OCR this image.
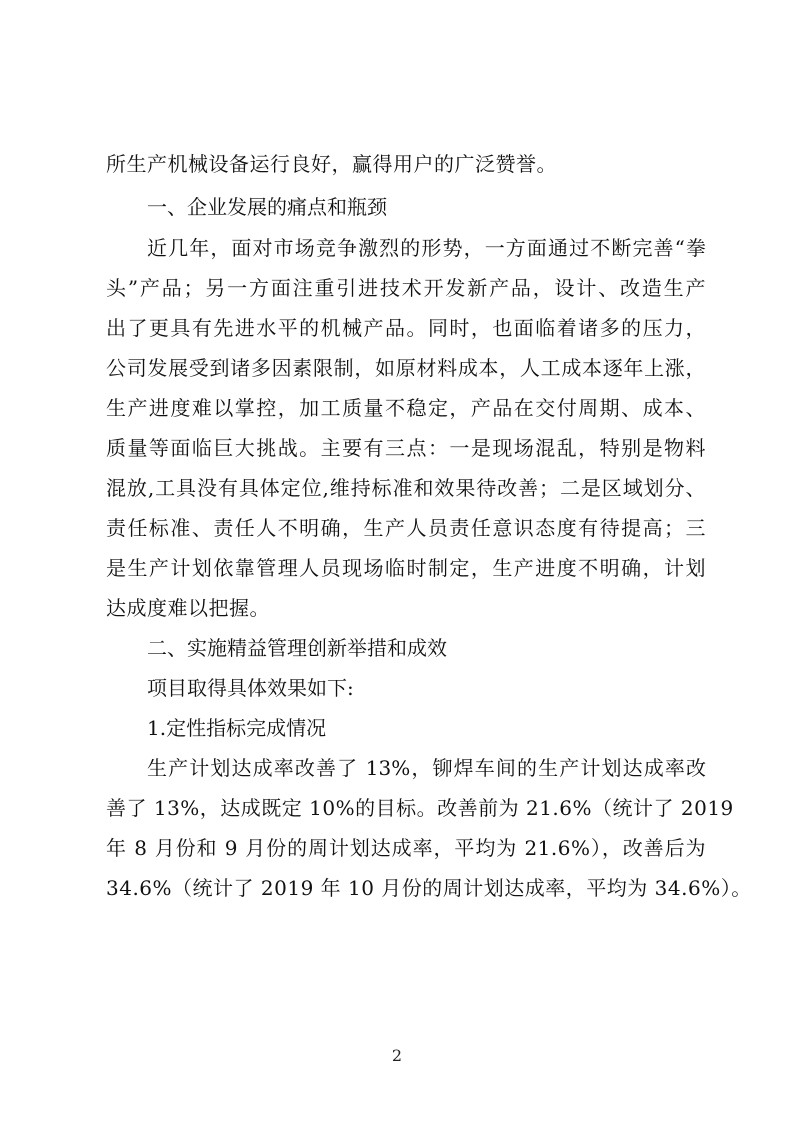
所生产机械设备运行良好，赢得用户的广泛赞誉。
一、企业发展的痛点和瓶颈
近几年，面对市场竞争激烈的形势，一方面通过不断完善“拳
头”产品；另一方面注重引进技术开发新产品，设计、改造生产
出了更具有先进水平的机械产品。同时，也面临着诸多的压力，
公司发展受到诸多因素限制，如原材料成本，人工成本逐年上涨，
生产进度难以掌控，加工质量不稳定，产品在交付周期、成本、
质量等面临巨大挑战。主要有三点：一是现场混乱，特别是物料
混放,工具没有具体定位,维持标准和效果待改善；二是区域划分、
责任标准、责任人不明确，生产人员责任意识态度有待提高；三
是生产计划依靠管理人员现场临时制定，生产进度不明确，计划
达成度难以把握。
二、实施精益管理创新举措和成效
项目取得具体效果如下:
1.定性指标完成情况
生产计划达成率改善了 13%，铆焊车间的生产计划达成率改
善了 13%，达成既定 10%的目标。改善前为 21.6%（统计了 2019
年 8 月份和 9 月份的周计划达成率，平均为 21.6%），改善后为
34.6%（统计了 2019 年 10 月份的周计划达成率，平均为 34.6%）。
2
